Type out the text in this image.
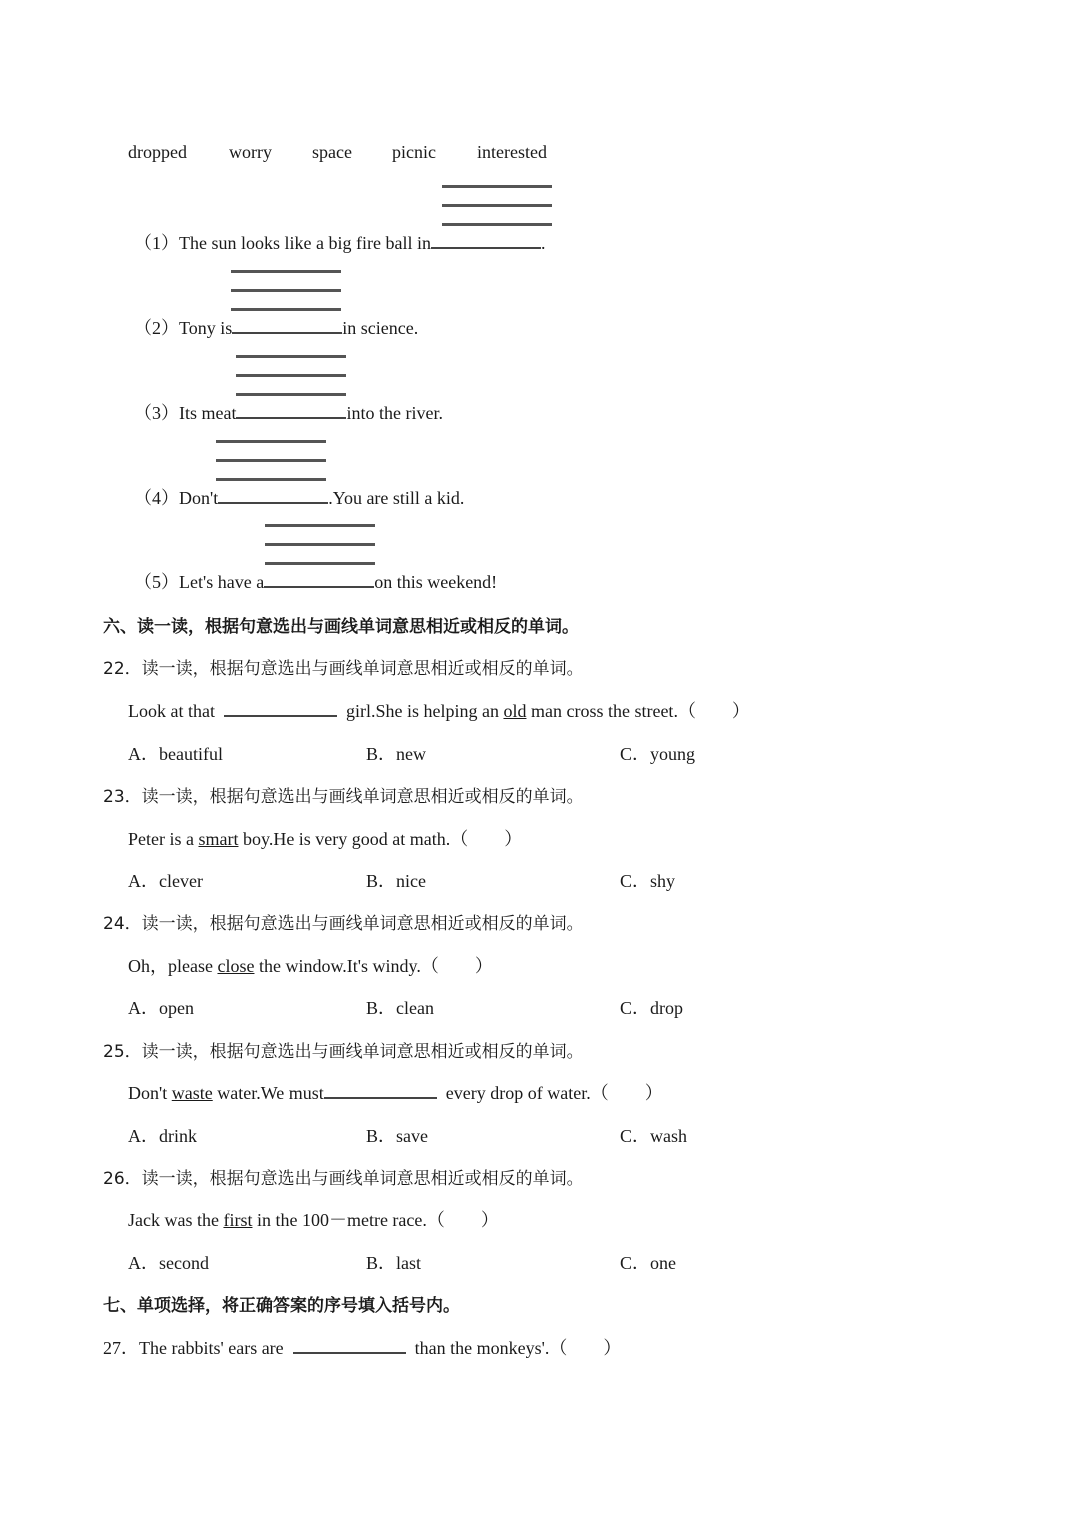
dropped worry space picnic interested
（1）The sun looks like a big fire ball in	.
（2）Tony is	in science.
（3）Its meat	into the river.
（4）Don't	.You are still a kid.
（5）Let's have a	on this weekend!
六、读一读，根据句意选出与画线单词意思相近或相反的单词。
22．读一读，根据句意选出与画线单词意思相近或相反的单词。
Look at that	girl.She is helping an old man cross the street.（　　）
A．beautiful	B．new	C．young
23．读一读，根据句意选出与画线单词意思相近或相反的单词。
Peter is a smart boy.He is very good at math.（　　）
A．clever	B．nice	C．shy
24．读一读，根据句意选出与画线单词意思相近或相反的单词。
Oh，please close the window.It's windy.（　　）
A．open	B．clean	C．drop
25．读一读，根据句意选出与画线单词意思相近或相反的单词。
Don't waste water.We must	every drop of water.（　　）
A．drink	B．save	C．wash
26．读一读，根据句意选出与画线单词意思相近或相反的单词。
Jack was the first in the 100－metre race.（　　）
A．second	B．last	C．one
七、单项选择，将正确答案的序号填入括号内。
27．The rabbits' ears are	than the monkeys'.（　　）
